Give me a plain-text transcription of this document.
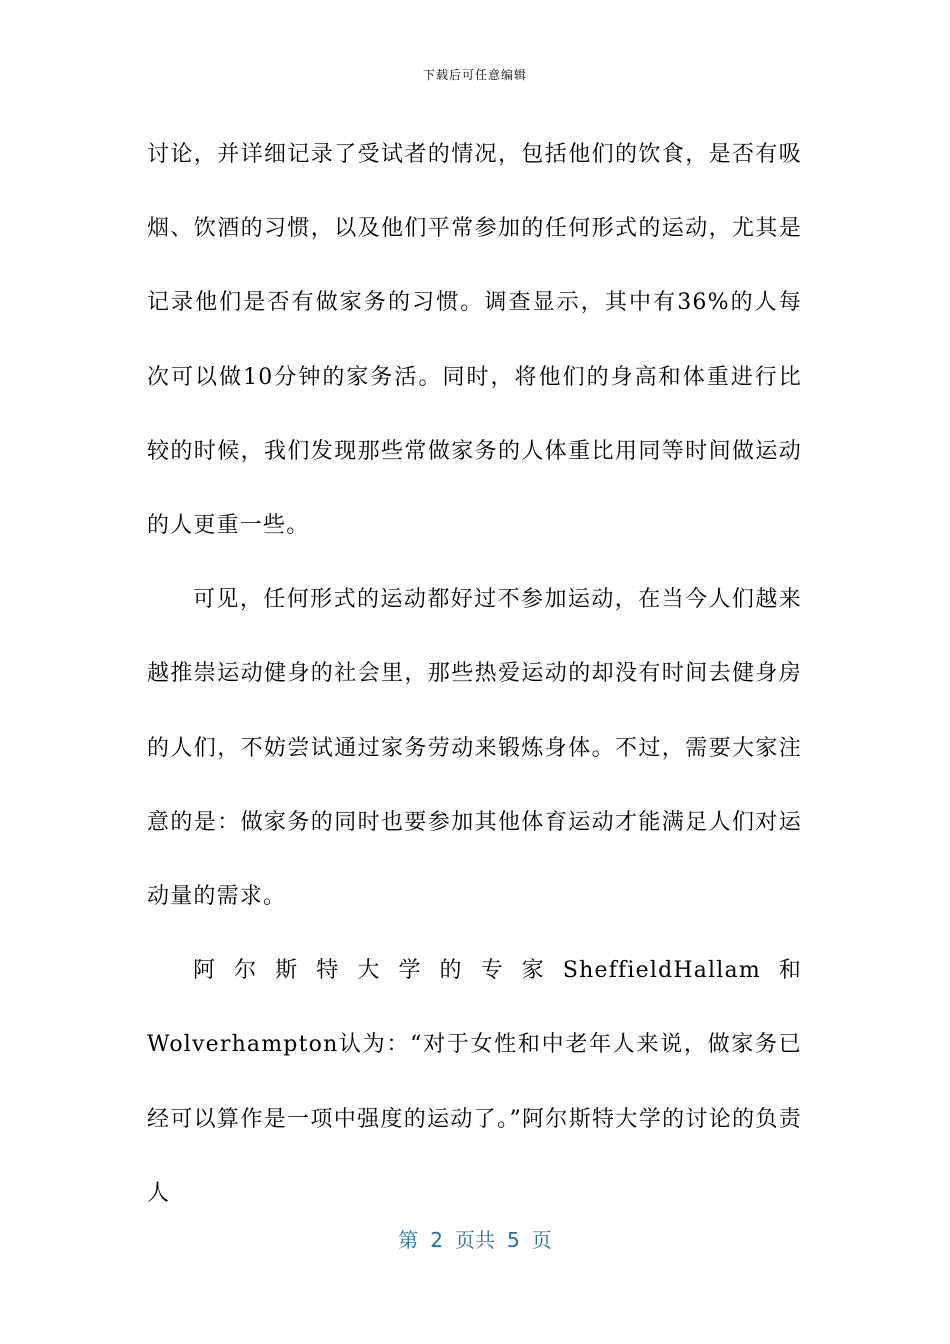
下载后可任意编辑

讨论，并详细记录了受试者的情况，包括他们的饮食，是否有吸烟、饮酒的习惯，以及他们平常参加的任何形式的运动，尤其是记录他们是否有做家务的习惯。调查显示，其中有36%的人每次可以做10分钟的家务活。同时，将他们的身高和体重进行比较的时候，我们发现那些常做家务的人体重比用同等时间做运动的人更重一些。

可见，任何形式的运动都好过不参加运动，在当今人们越来越推崇运动健身的社会里，那些热爱运动的却没有时间去健身房的人们，不妨尝试通过家务劳动来锻炼身体。不过，需要大家注意的是：做家务的同时也要参加其他体育运动才能满足人们对运动量的需求。

阿尔斯特大学的专家SheffieldHallam和Wolverhampton认为：“对于女性和中老年人来说，做家务已经可以算作是一项中强度的运动了。”阿尔斯特大学的讨论的负责人

第 2 页共 5 页
